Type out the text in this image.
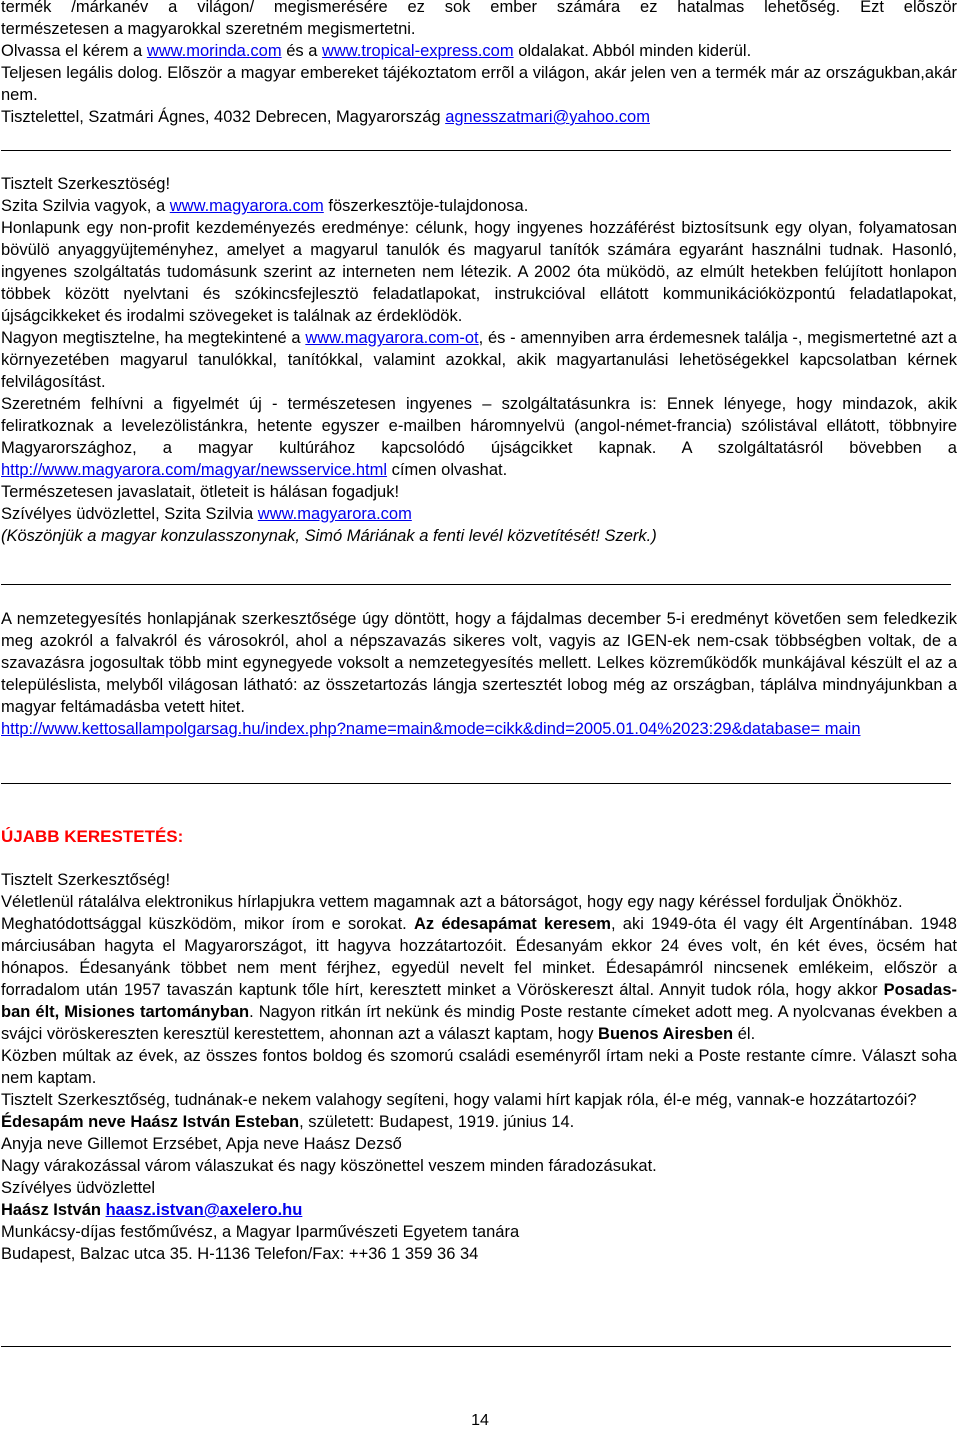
termék /márkanév a világon/ megismerésére ez sok ember számára ez hatalmas lehetõség. Ezt elõször

természetesen a magyarokkal szeretném megismertetni.

Olvassa el kérem a www.morinda.com és a www.tropical-express.com oldalakat. Abból minden kiderül.

Teljesen legális dolog. Elõször a magyar embereket tájékoztatom errõl a világon, akár jelen ven a termék már az országukban,akár nem.

Tisztelettel, Szatmári Ágnes, 4032 Debrecen, Magyarország agnesszatmari@yahoo.com

Tisztelt Szerkesztöség!

Szita Szilvia vagyok, a www.magyarora.com föszerkesztöje-tulajdonosa.

Honlapunk egy non-profit kezdeményezés eredménye: célunk, hogy ingyenes hozzáférést biztosítsunk egy olyan, folyamatosan bövülö anyaggyüjteményhez, amelyet a magyarul tanulók és magyarul tanítók számára egyaránt használni tudnak. Hasonló, ingyenes szolgáltatás tudomásunk szerint az interneten nem létezik. A 2002 óta müködö, az elmúlt hetekben felújított honlapon többek között nyelvtani és szókincsfejlesztö feladatlapokat, instrukcióval ellátott kommunikációközpontú feladatlapokat, újságcikkeket és irodalmi szövegeket is találnak az érdeklödök.

Nagyon megtisztelne, ha megtekintené a www.magyarora.com-ot, és - amennyiben arra érdemesnek találja -, megismertetné azt a környezetében magyarul tanulókkal, tanítókkal, valamint azokkal, akik magyartanulási lehetöségekkel kapcsolatban kérnek felvilágosítást.

Szeretném felhívni a figyelmét új - természetesen ingyenes – szolgáltatásunkra is: Ennek lényege, hogy mindazok, akik feliratkoznak a levelezölistánkra, hetente egyszer e-mailben háromnyelvü (angol-német-francia) szólistával ellátott, többnyire Magyarországhoz, a magyar kultúrához kapcsolódó újságcikket kapnak. A szolgáltatásról bövebben a http://www.magyarora.com/magyar/newsservice.html címen olvashat.

Természetesen javaslatait, ötleteit is hálásan fogadjuk!

Szívélyes üdvözlettel, Szita Szilvia www.magyarora.com

(Köszönjük a magyar konzulasszonynak, Simó Máriának a fenti levél közvetítését! Szerk.)

A nemzetegyesítés honlapjának szerkesztősége úgy döntött, hogy a fájdalmas december 5-i eredményt követően sem feledkezik meg azokról a falvakról és városokról, ahol a népszavazás sikeres volt, vagyis az IGEN-ek nem-csak többségben voltak, de a szavazásra jogosultak több mint egynegyede voksolt a nemzetegyesítés mellett. Lelkes közreműködők munkájával készült el az a településlista, melyből világosan látható: az összetartozás lángja szertesztét lobog még az országban, táplálva mindnyájunkban a magyar feltámadásba vetett hitet.

http://www.kettosallampolgarsag.hu/index.php?name=main&mode=cikk&dind=2005.01.04%2023:29&database= main

ÚJABB KERESTETÉS:

Tisztelt Szerkesztőség!

Véletlenül rátalálva elektronikus hírlapjukra vettem magamnak azt a bátorságot, hogy egy nagy kéréssel forduljak Önökhöz.

Meghatódottsággal küszködöm, mikor írom e sorokat. Az édesapámat keresem, aki 1949-óta él vagy élt Argentínában. 1948 márciusában hagyta el Magyarországot, itt hagyva hozzátartozóit. Édesanyám ekkor 24 éves volt, én két éves, öcsém hat hónapos. Édesanyánk többet nem ment férjhez, egyedül nevelt fel minket. Édesapámról nincsenek emlékeim, először a forradalom után 1957 tavaszán kaptunk tőle hírt, keresztett minket a Vöröskereszt által. Annyit tudok róla, hogy akkor Posadas-ban élt, Misiones tartományban. Nagyon ritkán írt nekünk és mindig Poste restante címeket adott meg. A nyolcvanas években a svájci vöröskereszten keresztül kerestettem, ahonnan azt a választ kaptam, hogy Buenos Airesben él.

Közben múltak az évek, az összes fontos boldog és szomorú családi eseményről írtam neki a Poste restante címre. Választ soha nem kaptam.

Tisztelt Szerkesztőség, tudnának-e nekem valahogy segíteni, hogy valami hírt kapjak róla, él-e még, vannak-e hozzátartozói?

Édesapám neve Haász István Esteban, született: Budapest, 1919. június 14.

Anyja neve Gillemot Erzsébet, Apja neve Haász Dezső

Nagy várakozással várom válaszukat és nagy köszönettel veszem minden fáradozásukat.

Szívélyes üdvözlettel

Haász István haasz.istvan@axelero.hu

Munkácsy-díjas festőművész, a Magyar Iparművészeti Egyetem tanára

Budapest, Balzac utca 35. H-1136 Telefon/Fax: ++36 1 359 36 34

14
